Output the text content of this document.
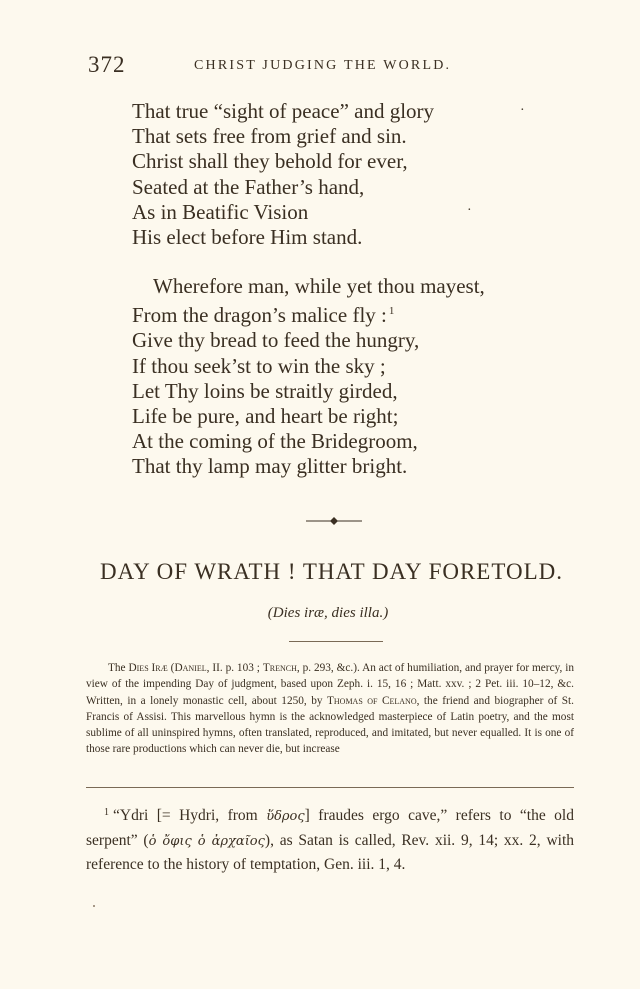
372	CHRIST JUDGING THE WORLD.
That true “sight of peace” and glory
That sets free from grief and sin.
Christ shall they behold for ever,
Seated at the Father’s hand,
As in Beatific Vision
His elect before Him stand.
·
·
Wherefore man, while yet thou mayest,
From the dragon’s malice fly : $^1$
Give thy bread to feed the hungry,
If thou seek’st to win the sky ;
Let Thy loins be straitly girded,
Life be pure, and heart be right;
At the coming of the Bridegroom,
That thy lamp may glitter bright.
DAY OF WRATH ! THAT DAY FORETOLD.
(Dies iræ, dies illa.)

The Dies Iræ (Daniel, II. p. 103 ; Trench, p. 293, &c.). An act of humiliation, and prayer for mercy, in view of the impending Day of judgment, based upon Zeph. i. 15, 16 ; Matt. xxv. ; 2 Pet. iii. 10–12, &c. Written, in a lonely monastic cell, about 1250, by Thomas of Celano, the friend and biographer of St. Francis of Assisi. This marvellous hymn is the acknowledged masterpiece of Latin poetry, and the most sublime of all uninspired hymns, often translated, reproduced, and imitated, but never equalled. It is one of those rare productions which can never die, but increase

$^1$ “Ydri [= Hydri, from ὕδρος] fraudes ergo cave,” refers to “the old serpent” (ὁ ὄφις ὁ ἀρχαῖος), as Satan is called, Rev. xii. 9, 14; xx. 2, with reference to the history of temptation, Gen. iii. 1, 4.
